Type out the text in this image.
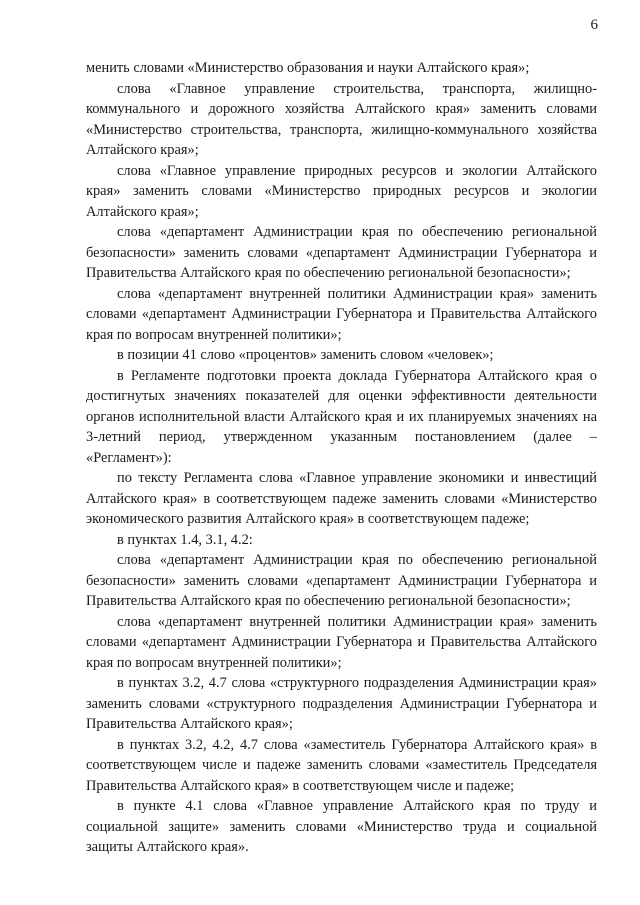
6

менить словами «Министерство образования и науки Алтайского края»;

слова «Главное управление строительства, транспорта, жилищно-коммунального и дорожного хозяйства Алтайского края» заменить словами «Министерство строительства, транспорта, жилищно-коммунального хозяйства Алтайского края»;

слова «Главное управление природных ресурсов и экологии Алтайского края» заменить словами «Министерство природных ресурсов и экологии Алтайского края»;

слова «департамент Администрации края по обеспечению региональной безопасности» заменить словами «департамент Администрации Губернатора и Правительства Алтайского края по обеспечению региональной безопасности»;

слова «департамент внутренней политики Администрации края» заменить словами «департамент Администрации Губернатора и Правительства Алтайского края по вопросам внутренней политики»;

в позиции 41 слово «процентов» заменить словом «человек»;

в Регламенте подготовки проекта доклада Губернатора Алтайского края о достигнутых значениях показателей для оценки эффективности деятельности органов исполнительной власти Алтайского края и их планируемых значениях на 3-летний период, утвержденном указанным постановлением (далее – «Регламент»):

по тексту Регламента слова «Главное управление экономики и инвестиций Алтайского края» в соответствующем падеже заменить словами «Министерство экономического развития Алтайского края» в соответствующем падеже;

в пунктах 1.4, 3.1, 4.2:

слова «департамент Администрации края по обеспечению региональной безопасности» заменить словами «департамент Администрации Губернатора и Правительства Алтайского края по обеспечению региональной безопасности»;

слова «департамент внутренней политики Администрации края» заменить словами «департамент Администрации Губернатора и Правительства Алтайского края по вопросам внутренней политики»;

в пунктах 3.2, 4.7 слова «структурного подразделения Администрации края» заменить словами «структурного подразделения Администрации Губернатора и Правительства Алтайского края»;

в пунктах 3.2, 4.2, 4.7 слова «заместитель Губернатора Алтайского края» в соответствующем числе и падеже заменить словами «заместитель Председателя Правительства Алтайского края» в соответствующем числе и падеже;

в пункте 4.1 слова «Главное управление Алтайского края по труду и социальной защите» заменить словами «Министерство труда и социальной защиты Алтайского края».
